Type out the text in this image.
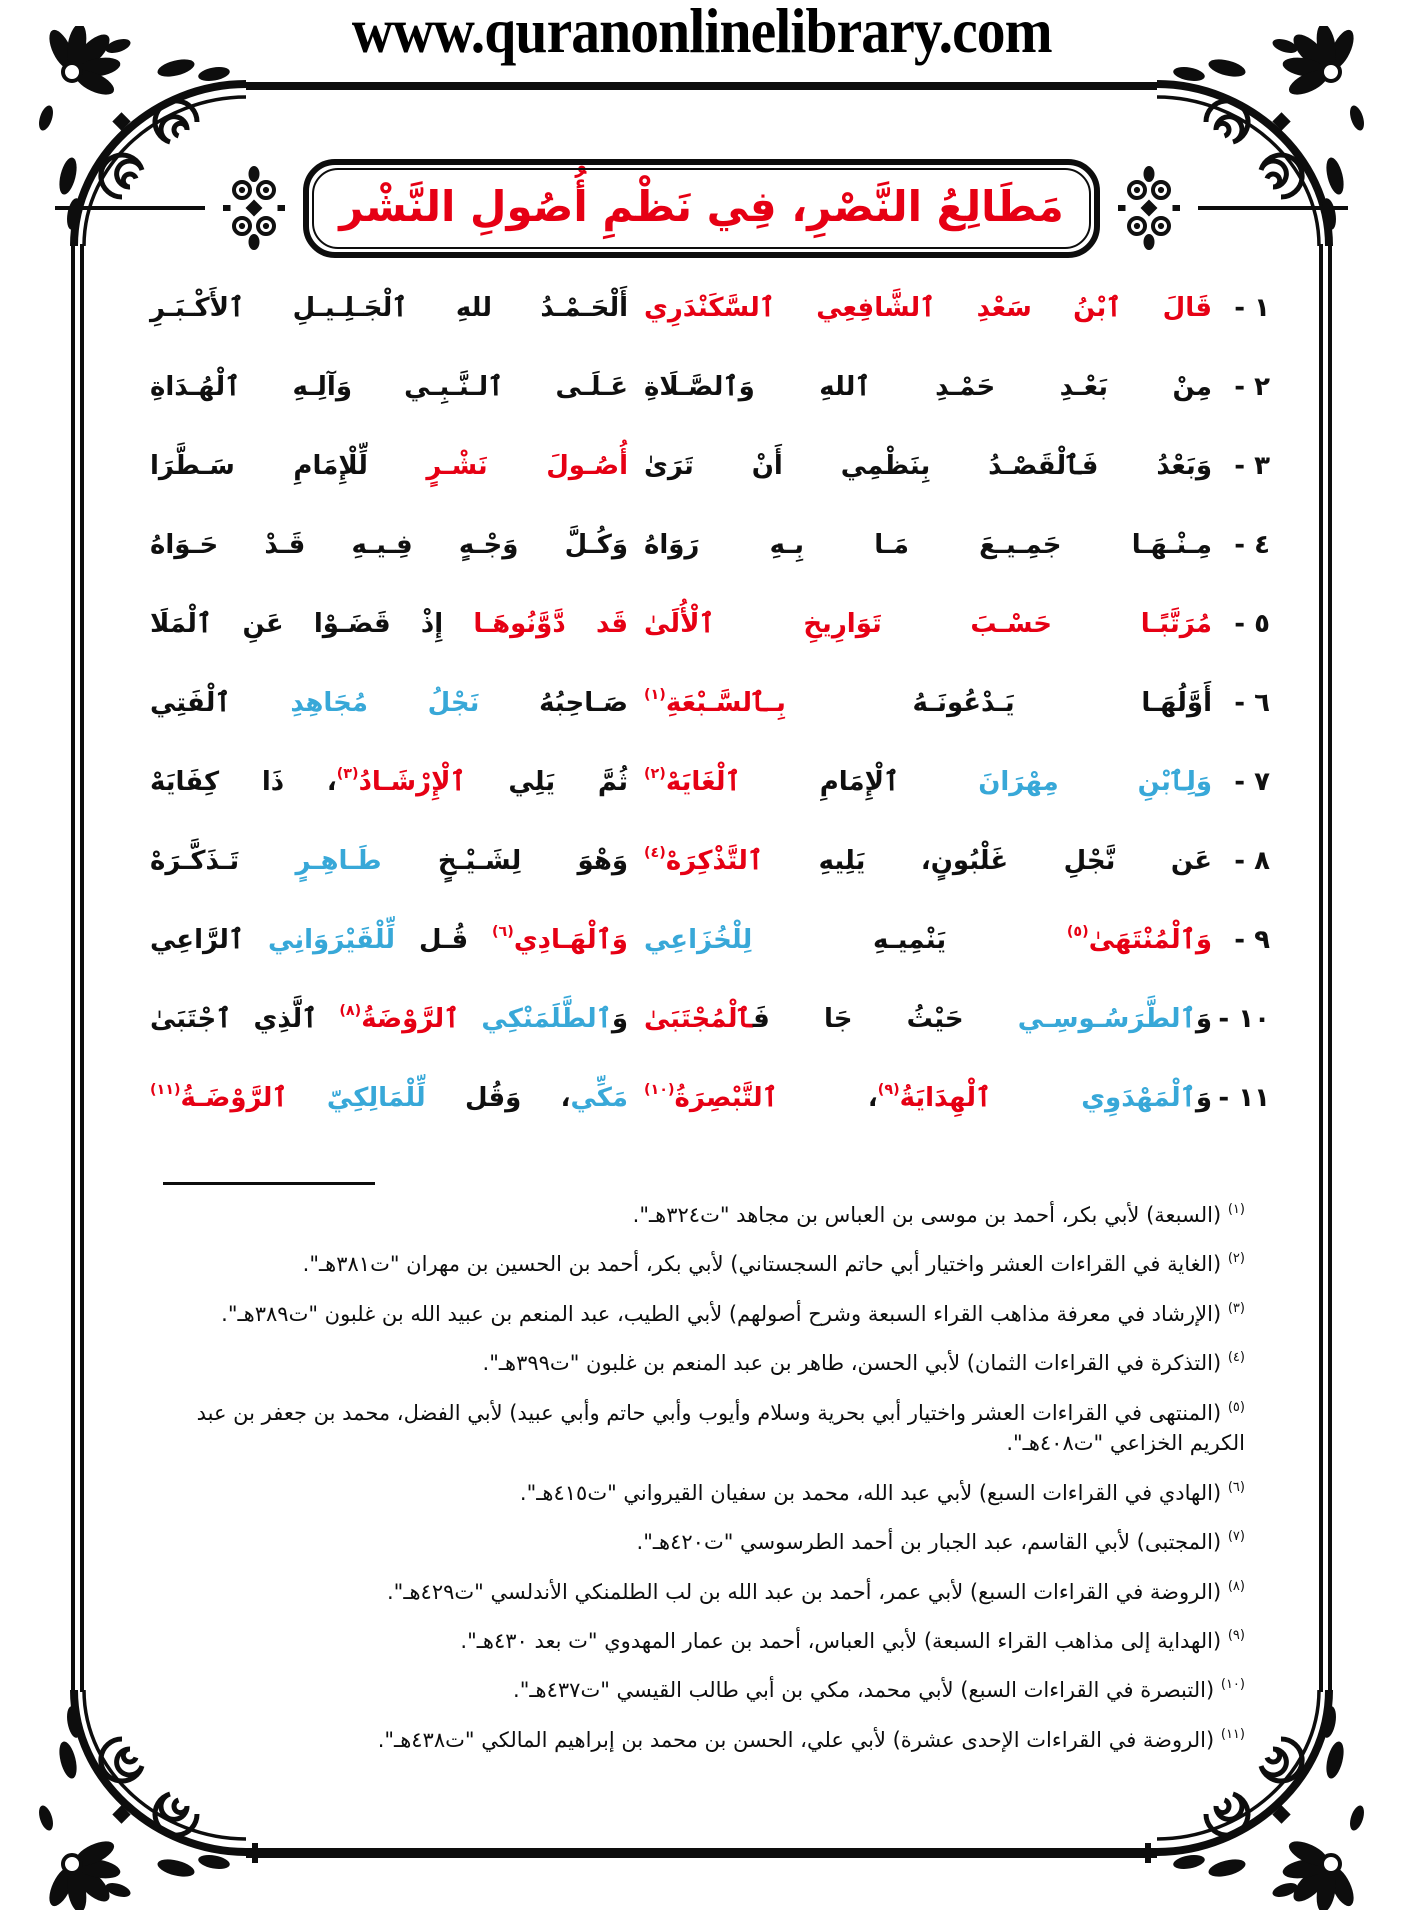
www.quranonlinelibrary.com
مَطَالِعُ النَّصْرِ، فِي نَظْمِ أُصُولِ النَّشْر
١ -
قَالَ ٱبْنُ سَعْدِ ٱلشَّافِعِي ٱلسَّكَنْدَرِي
أَلْحَـمْـدُ للهِ ٱلْجَـلِـيـلِ ٱلأَكْـبَـرِ
٢ -
مِنْ بَعْـدِ حَمْـدِ ٱللهِ وَٱلصَّـلَاةِ
عَـلَـى ٱلـنَّـبِـي وَآلِـهِ ٱلْهُـدَاةِ
٣ -
وَبَعْدُ فَٱلْقَصْـدُ بِنَظْمِي أَنْ تَرَىٰ
أُصُـولَ نَشْـرٍ لِّلْإِمَامِ سَـطَّرَا
٤ -
مِـنْـهَـا جَمِـيـعَ مَـا بِـهِ رَوَاهُ
وَكُـلَّ وَجْـهٍ فِـيـهِ قَـدْ حَـوَاهُ
٥ -
مُرَتَّبًـا حَسْـبَ تَوَارِيخِ ٱلْأُلَىٰ
قَد دَّوَّنُوهَـا إِذْ قَضَـوْا عَنِ ٱلْمَلَا
٦ -
أَوَّلُهَـا يَـدْعُونَـهُ بِـٱلسَّـبْعَةِ$^{(١)}$
صَـاحِبُهُ نَجْلُ مُجَاهِدِ ٱلْفَتِي
٧ -
وَلِٱبْنِ مِهْرَانَ ٱلْإِمَامِ ٱلْغَايَهْ$^{(٢)}$
ثُمَّ يَلِي ٱلْإِرْشَـادُ$^{(٣)}$، ذَا كِفَايَهْ
٨ -
عَن نَّجْلِ غَلْبُونٍ، يَلِيهِ ٱلتَّذْكِرَهْ$^{(٤)}$
وَهْوَ لِشَـيْـخٍ طَـاهِـرٍ تَـذَكَّـرَهْ
٩ -
وَٱلْمُنْتَهَىٰ$^{(٥)}$ يَنْمِيـهِ لِلْخُزَاعِي
وَٱلْهَـادِي$^{(٦)}$ قُـل لِّلْقَيْرَوَانِي ٱلرَّاعِي
١٠ -
وَٱلطَّرَسُـوسِـي حَيْثُ جَا فَٱلْمُجْتَبَىٰ
وَٱلطَّلَمَنْكِي ٱلرَّوْضَةُ$^{(٨)}$ ٱلَّذِي ٱجْتَبَىٰ
١١ -
وَٱلْمَهْدَوِي ٱلْهِدَايَةُ$^{(٩)}$، ٱلتَّبْصِرَةُ$^{(١٠)}$
مَكِّي، وَقُل لِّلْمَالِكِيّ ٱلرَّوْضَـةُ$^{(١١)}$

$^{(١)}$ (السبعة) لأبي بكر، أحمد بن موسى بن العباس بن مجاهد "ت٣٢٤هـ".

$^{(٢)}$ (الغاية في القراءات العشر واختيار أبي حاتم السجستاني) لأبي بكر، أحمد بن الحسين بن مهران "ت٣٨١هـ".

$^{(٣)}$ (الإرشاد في معرفة مذاهب القراء السبعة وشرح أصولهم) لأبي الطيب، عبد المنعم بن عبيد الله بن غلبون "ت٣٨٩هـ".

$^{(٤)}$ (التذكرة في القراءات الثمان) لأبي الحسن، طاهر بن عبد المنعم بن غلبون "ت٣٩٩هـ".

$^{(٥)}$ (المنتهى في القراءات العشر واختيار أبي بحرية وسلام وأيوب وأبي حاتم وأبي عبيد) لأبي الفضل، محمد بن جعفر بن عبد الكريم الخزاعي "ت٤٠٨هـ".

$^{(٦)}$ (الهادي في القراءات السبع) لأبي عبد الله، محمد بن سفيان القيرواني "ت٤١٥هـ".

$^{(٧)}$ (المجتبى) لأبي القاسم، عبد الجبار بن أحمد الطرسوسي "ت٤٢٠هـ".

$^{(٨)}$ (الروضة في القراءات السبع) لأبي عمر، أحمد بن عبد الله بن لب الطلمنكي الأندلسي "ت٤٢٩هـ".

$^{(٩)}$ (الهداية إلى مذاهب القراء السبعة) لأبي العباس، أحمد بن عمار المهدوي "ت بعد ٤٣٠هـ".

$^{(١٠)}$ (التبصرة في القراءات السبع) لأبي محمد، مكي بن أبي طالب القيسي "ت٤٣٧هـ".

$^{(١١)}$ (الروضة في القراءات الإحدى عشرة) لأبي علي، الحسن بن محمد بن إبراهيم المالكي "ت٤٣٨هـ".
